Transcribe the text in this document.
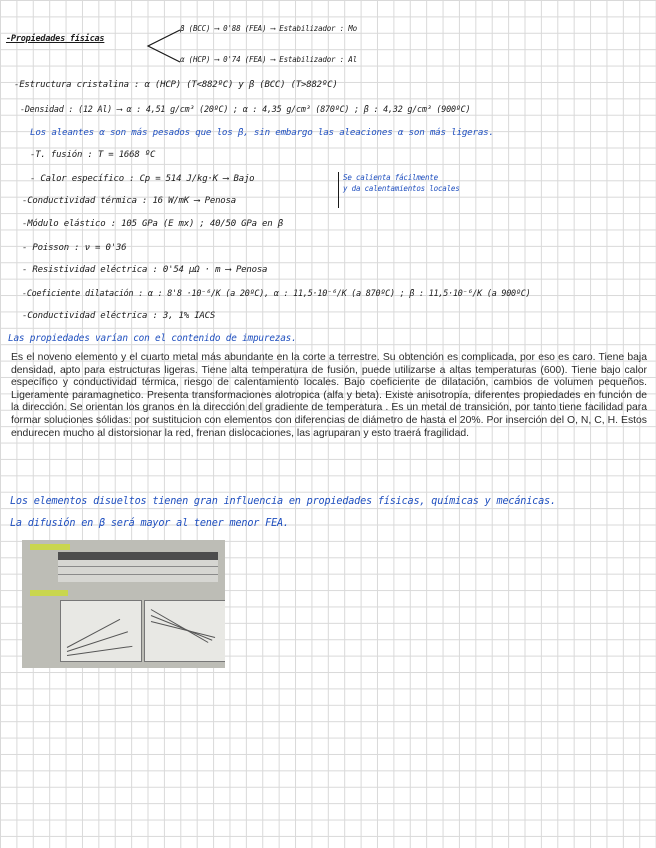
-Propiedades físicas
β (BCC) ⟶ 0'88 (FEA) ⟶ Estabilizador : Mo
α (HCP) ⟶ 0'74 (FEA) ⟶ Estabilizador : Al
-Estructura cristalina : α (HCP) (T<882ºC) y β (BCC) (T>882ºC)
-Densidad : (12 Al) ⟶ α : 4,51 g/cm³ (20ºC) ; α : 4,35 g/cm³ (870ºC) ; β : 4,32 g/cm³ (900ºC)
Los aleantes α son más pesados que los β, sin embargo las aleaciones α son más ligeras.
-T. fusión : T = 1668 ºC
- Calor específico : Cp = 514 J/kg·K ⟶ Bajo
-Conductividad térmica : 16 W/mK ⟶ Penosa
Se calienta fácilmente
y da calentamientos locales
-Módulo elástico : 105 GPa (E mx) ; 40/50 GPa en β
- Poisson : ν = 0'36
- Resistividad eléctrica : 0'54 μΩ · m ⟶ Penosa
-Coeficiente dilatación : α : 8'8 ·10⁻⁶/K (a 20ºC), α : 11,5·10⁻⁶/K (a 870ºC) ; β : 11,5·10⁻⁶/K (a 900ºC)
-Conductividad eléctrica : 3, 1% IACS
Las propiedades varían con el contenido de impurezas.

Es el noveno elemento y el cuarto metal más abundante en la corte a terrestre. Su obtención es complicada, por eso es caro. Tiene baja densidad, apto para estructuras ligeras. Tiene alta temperatura de fusión, puede utilizarse a altas temperaturas (600). Tiene bajo calor específico y conductividad térmica, riesgo de calentamiento locales. Bajo coeficiente de dilatación, cambios de volumen pequeños. Ligeramente paramagnetico. Presenta transformaciones alotropica (alfa y beta). Existe anisotropía, diferentes propiedades en función de la dirección. Se orientan los granos en la dirección del gradiente de temperatura . Es un metal de transición, por tanto tiene facilidad para formar soluciones sólidas: por sustitucion con elementos con diferencias de diámetro de hasta el 20%. Por inserción del O, N, C, H. Estos endurecen mucho al distorsionar la red, frenan dislocaciones, las agruparan y esto traerá fragilidad.

Los elementos disueltos tienen gran influencia en propiedades físicas, químicas y mecánicas.
La difusión en β será mayor al tener menor FEA.
